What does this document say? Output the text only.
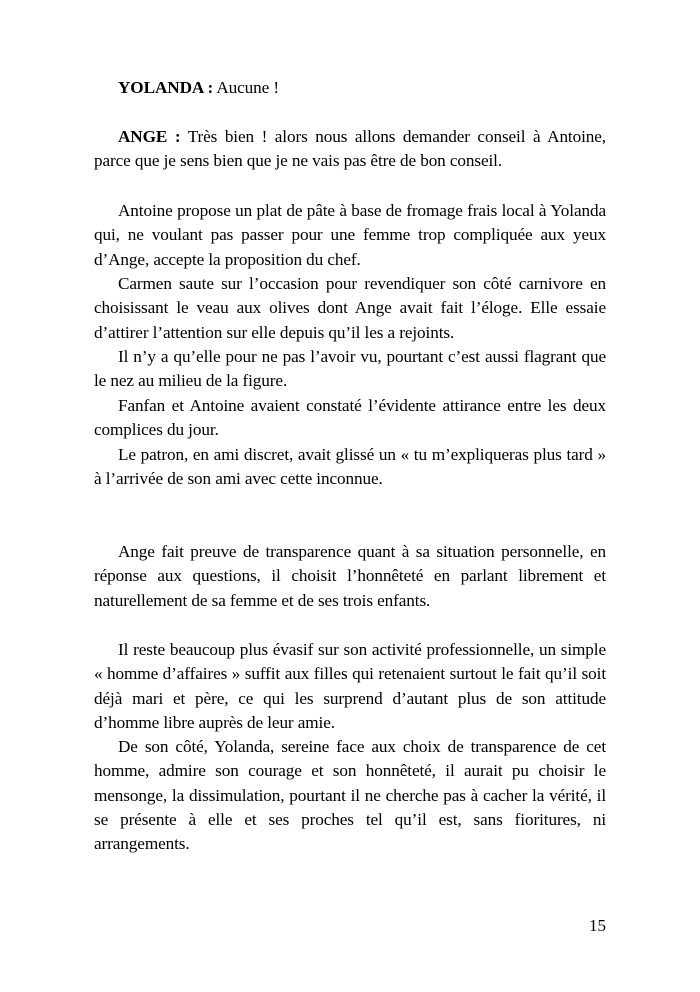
YOLANDA : Aucune !

ANGE : Très bien ! alors nous allons demander conseil à Antoine, parce que je sens bien que je ne vais pas être de bon conseil.

Antoine propose un plat de pâte à base de fromage frais local à Yolanda qui, ne voulant pas passer pour une femme trop compliquée aux yeux d’Ange, accepte la proposition du chef.

Carmen saute sur l’occasion pour revendiquer son côté carnivore en choisissant le veau aux olives dont Ange avait fait l’éloge. Elle essaie d’attirer l’attention sur elle depuis qu’il les a rejoints.

Il n’y a qu’elle pour ne pas l’avoir vu, pourtant c’est aussi flagrant que le nez au milieu de la figure.

Fanfan et Antoine avaient constaté l’évidente attirance entre les deux complices du jour.

Le patron, en ami discret, avait glissé un « tu m’expliqueras plus tard » à l’arrivée de son ami avec cette inconnue.

Ange fait preuve de transparence quant à sa situation personnelle, en réponse aux questions, il choisit l’honnêteté en parlant librement et naturellement de sa femme et de ses trois enfants.

Il reste beaucoup plus évasif sur son activité professionnelle, un simple « homme d’affaires » suffit aux filles qui retenaient surtout le fait qu’il soit déjà mari et père, ce qui les surprend d’autant plus de son attitude d’homme libre auprès de leur amie.

De son côté, Yolanda, sereine face aux choix de transparence de cet homme, admire son courage et son honnêteté, il aurait pu choisir le mensonge, la dissimulation, pourtant il ne cherche pas à cacher la vérité, il se présente à elle et ses proches tel qu’il est, sans fioritures, ni arrangements.

15
